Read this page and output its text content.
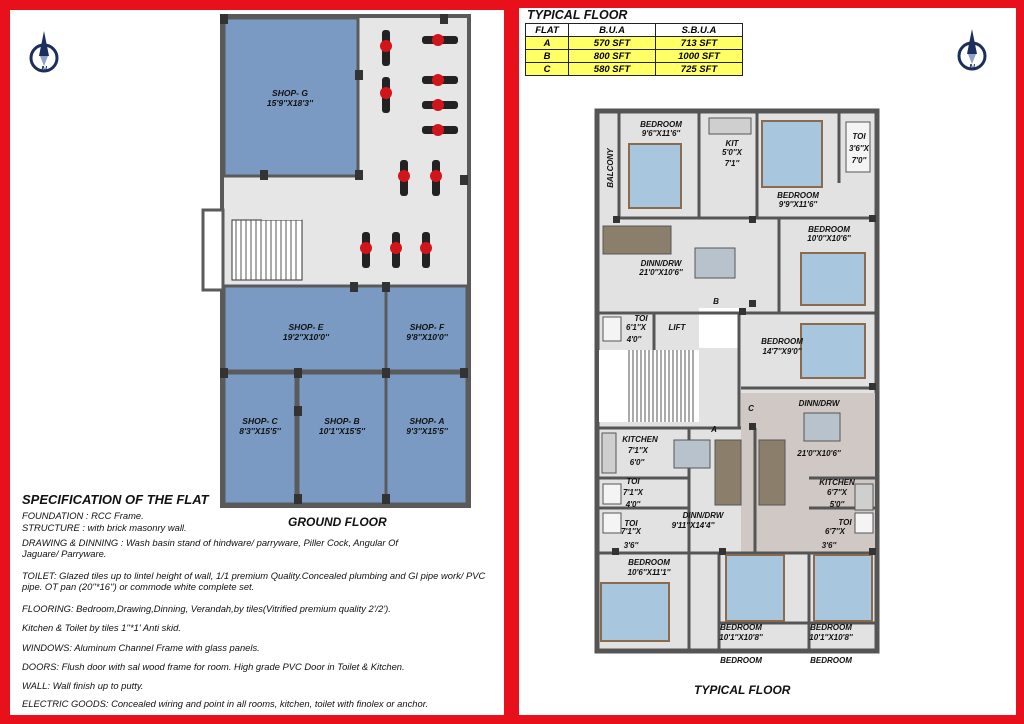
N
SHOP- G
15'9''X18'3''
SHOP- E
19'2''X10'0''
SHOP- F
9'8''X10'0''
SHOP- C
8'3''X15'5''
SHOP- B
10'1''X15'5''
SHOP- A
9'3''X15'5''
GROUND FLOOR

SPECIFICATION OF THE FLAT

FOUNDATION : RCC Frame.

STRUCTURE : with brick masonry wall.

DRAWING & DINNING : Wash basin stand of hindware/ parryware, Piller Cock, Angular Of Jaguare/ Parryware.

TOILET: Glazed tiles up to lintel height of wall, 1/1 premium Quality.Concealed plumbing and GI pipe work/ PVC pipe. OT pan (20''*16'') or commode white complete set.

FLOORING: Bedroom,Drawing,Dinning, Verandah,by tiles(Vitrified premium quality 2'/2').

Kitchen & Toilet by tiles 1''*1' Anti skid.

WINDOWS: Aluminum Channel Frame with glass panels.

DOORS: Flush door with sal wood frame for room. High grade PVC Door in Toilet & Kitchen.

WALL: Wall finish up to putty.

ELECTRIC GOODS: Concealed wiring and point in all rooms, kitchen, toilet with finolex or anchor.

TYPICAL FLOOR
FLAT	B.U.A	S.B.U.A
A	570 SFT	713 SFT
B	800 SFT	1000 SFT
C	580 SFT	725 SFT	N
BEDROOM
9'6''X11'6''
KIT
5'0''X
7'1''
BEDROOM
9'9''X11'6''
TOI
3'6''X
7'0''
BALCONY
BEDROOM
10'0''X10'6''
DINN/DRW
21'0''X10'6''
B
TOI
6'1''X
4'0''
LIFT
BEDROOM
14'7''X9'0''
C
DINN/DRW
21'0''X10'6''
A
KITCHEN
7'1''X
6'0''
TOI
7'1''X
4'0''
DINN/DRW
9'11''X14'4''
TOI
7'1''X
3'6''
KITCHEN
6'7''X
5'0''
TOI
6'7''X
3'6''
BEDROOM
10'6''X11'1''
BEDROOM
10'1''X10'8''
BEDROOM
10'1''X10'8''
BEDROOM	BEDROOM
TYPICAL FLOOR
